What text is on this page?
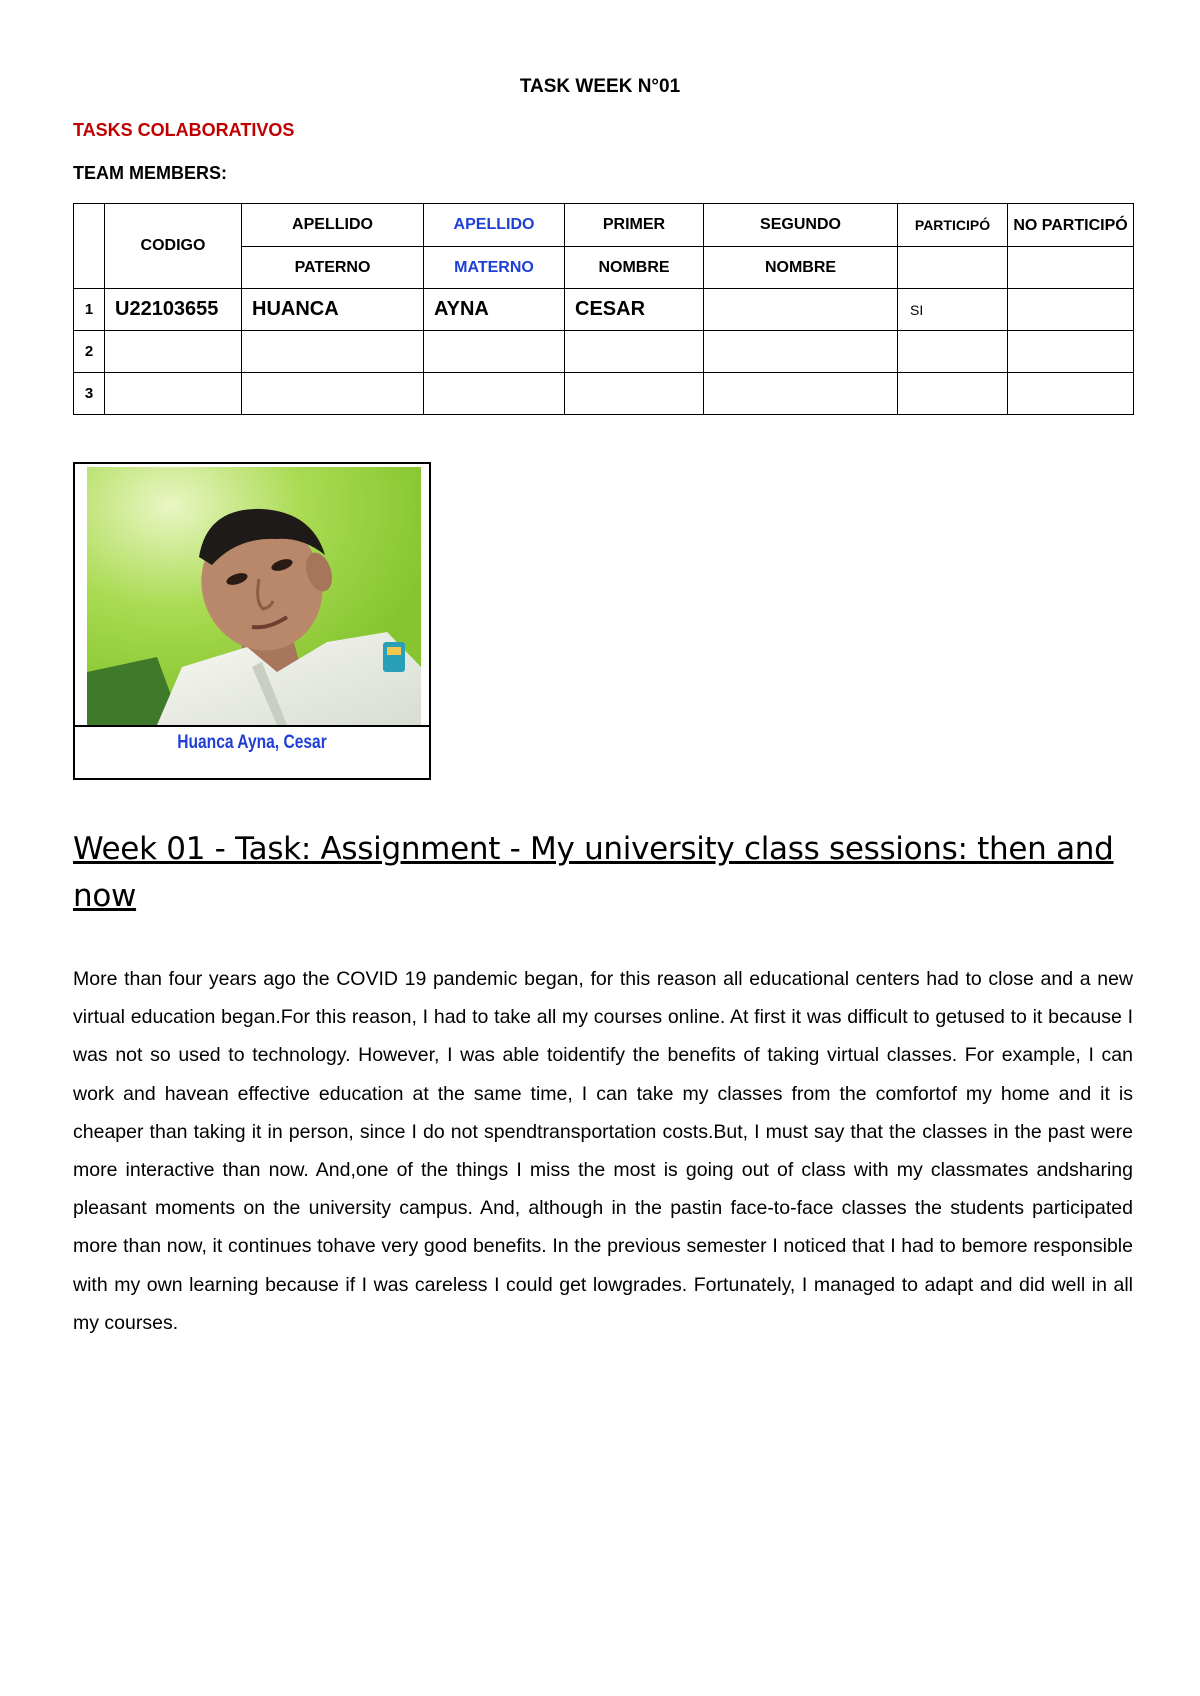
TASK WEEK N°01
TASKS COLABORATIVOS
TEAM MEMBERS:
	CODIGO	APELLIDO	APELLIDO	PRIMER	SEGUNDO	PARTICIPÓ	NO PARTICIPÓ
		PATERNO	MATERNO	NOMBRE	NOMBRE		
1	U22103655	HUANCA	AYNA	CESAR		SI	
2							
3							
Huanca Ayna, Cesar
Week 01 - Task: Assignment - My university class sessions: then and now
More than four years ago the COVID 19 pandemic began, for this reason all educational centers had to close and a new virtual education began.For this reason, I had to take all my courses online. At first it was difficult to getused to it because I was not so used to technology. However, I was able toidentify the benefits of taking virtual classes. For example, I can work and havean effective education at the same time, I can take my classes from the comfortof my home and it is cheaper than taking it in person, since I do not spendtransportation costs.But, I must say that the classes in the past were more interactive than now. And,one of the things I miss the most is going out of class with my classmates andsharing pleasant moments on the university campus. And, although in the pastin face-to-face classes the students participated more than now, it continues tohave very good benefits. In the previous semester I noticed that I had to bemore responsible with my own learning because if I was careless I could get lowgrades. Fortunately, I managed to adapt and did well in all my courses.
